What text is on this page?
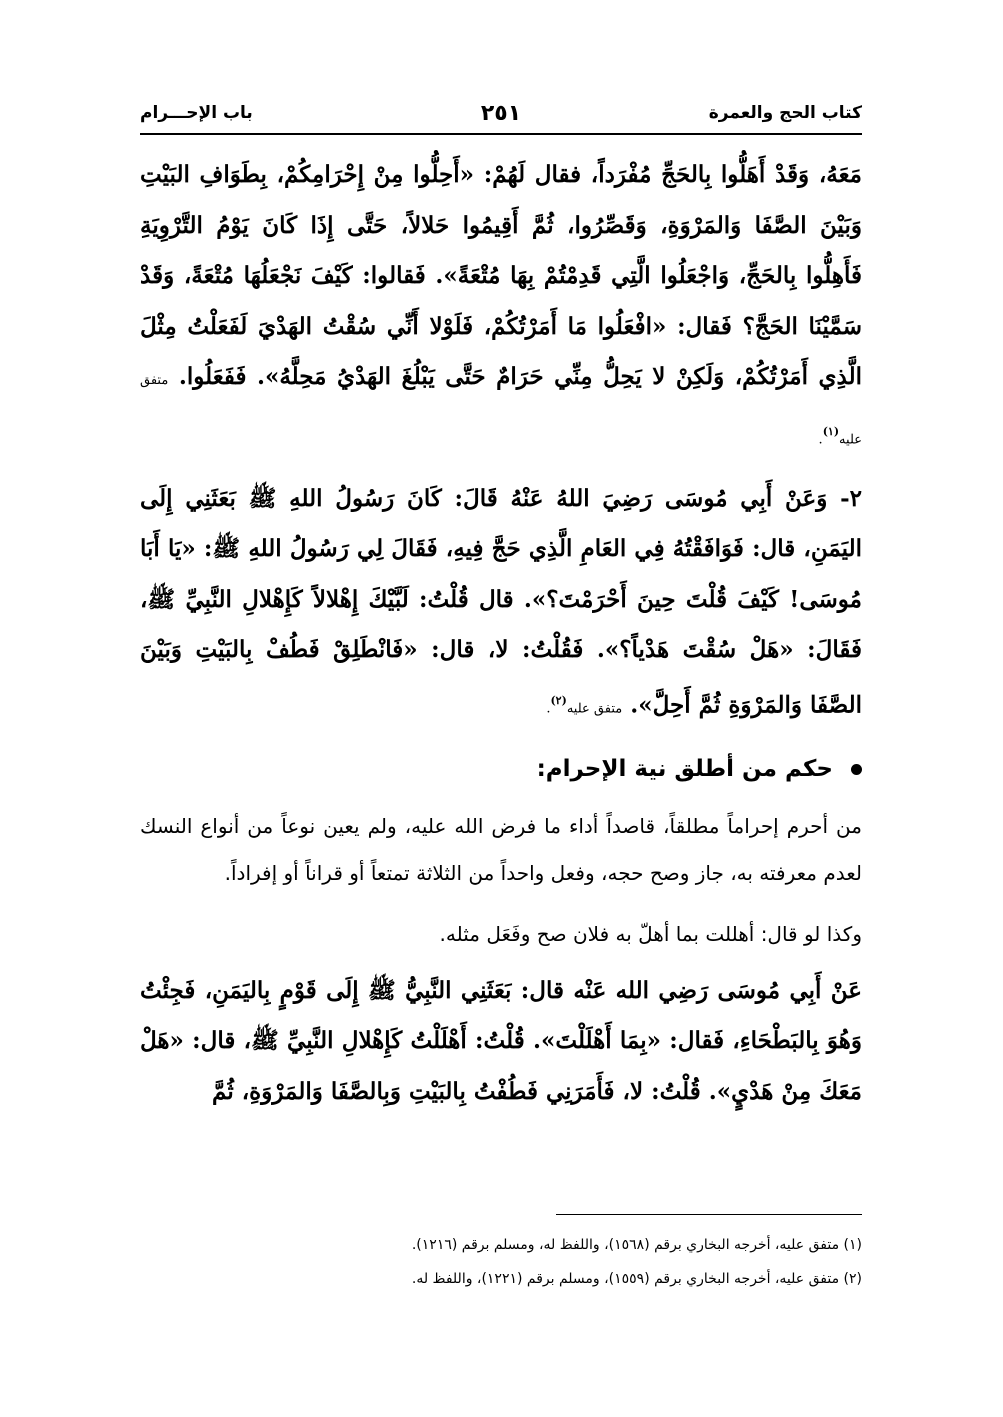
كتاب الحج والعمرة
٢٥١
باب الإحـــرام

مَعَهُ، وَقَدْ أَهَلُّوا بِالحَجِّ مُفْرَداً، فقال لَهُمْ: «أَحِلُّوا مِنْ إِحْرَامِكُمْ، بِطَوَافِ البَيْتِ وَبَيْنَ الصَّفَا وَالمَرْوَةِ، وَقَصِّرُوا، ثُمَّ أَقِيمُوا حَلالاً، حَتَّى إِذَا كَانَ يَوْمُ التَّرْوِيَةِ فَأَهِلُّوا بِالحَجِّ، وَاجْعَلُوا الَّتِي قَدِمْتُمْ بِهَا مُتْعَةً». فَقالوا: كَيْفَ نَجْعَلُهَا مُتْعَةً، وَقَدْ سَمَّيْنَا الحَجَّ؟ فَقال: «افْعَلُوا مَا أَمَرْتُكُمْ، فَلَوْلا أَنِّي سُقْتُ الهَدْيَ لَفَعَلْتُ مِثْلَ الَّذِي أَمَرْتُكُمْ، وَلَكِنْ لا يَحِلُّ مِنِّي حَرَامٌ حَتَّى يَبْلُغَ الهَدْيُ مَحِلَّهُ». فَفَعَلُوا. متفق عليه$^{(١)}$.

٢- وَعَنْ أَبِي مُوسَى رَضِيَ اللهُ عَنْهُ قَالَ: كَانَ رَسُولُ اللهِ ﷺ بَعَثَنِي إِلَى اليَمَنِ، قال: فَوَافَقْتُهُ فِي العَامِ الَّذِي حَجَّ فِيهِ، فَقَالَ لِي رَسُولُ اللهِ ﷺ: «يَا أَبَا مُوسَى! كَيْفَ قُلْتَ حِينَ أَحْرَمْتَ؟». قال قُلْتُ: لَبَّيْكَ إِهْلالاً كَإِهْلالِ النَّبِيِّ ﷺ، فَقَالَ: «هَلْ سُقْتَ هَدْياً؟». فَقُلْتُ: لا، قال: «فَانْطَلِقْ فَطُفْ بِالبَيْتِ وَبَيْنَ الصَّفَا وَالمَرْوَةِ ثُمَّ أَحِلَّ». متفق عليه$^{(٢)}$.

حكم من أطلق نية الإحرام:

من أحرم إحراماً مطلقاً، قاصداً أداء ما فرض الله عليه، ولم يعين نوعاً من أنواع النسك لعدم معرفته به، جاز وصح حجه، وفعل واحداً من الثلاثة تمتعاً أو قراناً أو إفراداً.

وكذا لو قال: أهللت بما أهلّ به فلان صح وفَعَل مثله.

عَنْ أَبِي مُوسَى رَضِي الله عَنْه قال: بَعَثَنِي النَّبِيُّ ﷺ إِلَى قَوْمٍ بِاليَمَنِ، فَجِئْتُ وَهُوَ بِالبَطْحَاءِ، فَقال: «بِمَا أَهْلَلْتَ». قُلْتُ: أَهْلَلْتُ كَإِهْلالِ النَّبِيِّ ﷺ، قال: «هَلْ مَعَكَ مِنْ هَدْيٍ». قُلْتُ: لا، فَأَمَرَنِي فَطُفْتُ بِالبَيْتِ وَبِالصَّفَا وَالمَرْوَةِ، ثُمَّ

(١) متفق عليه، أخرجه البخاري برقم (١٥٦٨)، واللفظ له، ومسلم برقم (١٢١٦).

(٢) متفق عليه، أخرجه البخاري برقم (١٥٥٩)، ومسلم برقم (١٢٢١)، واللفظ له.
